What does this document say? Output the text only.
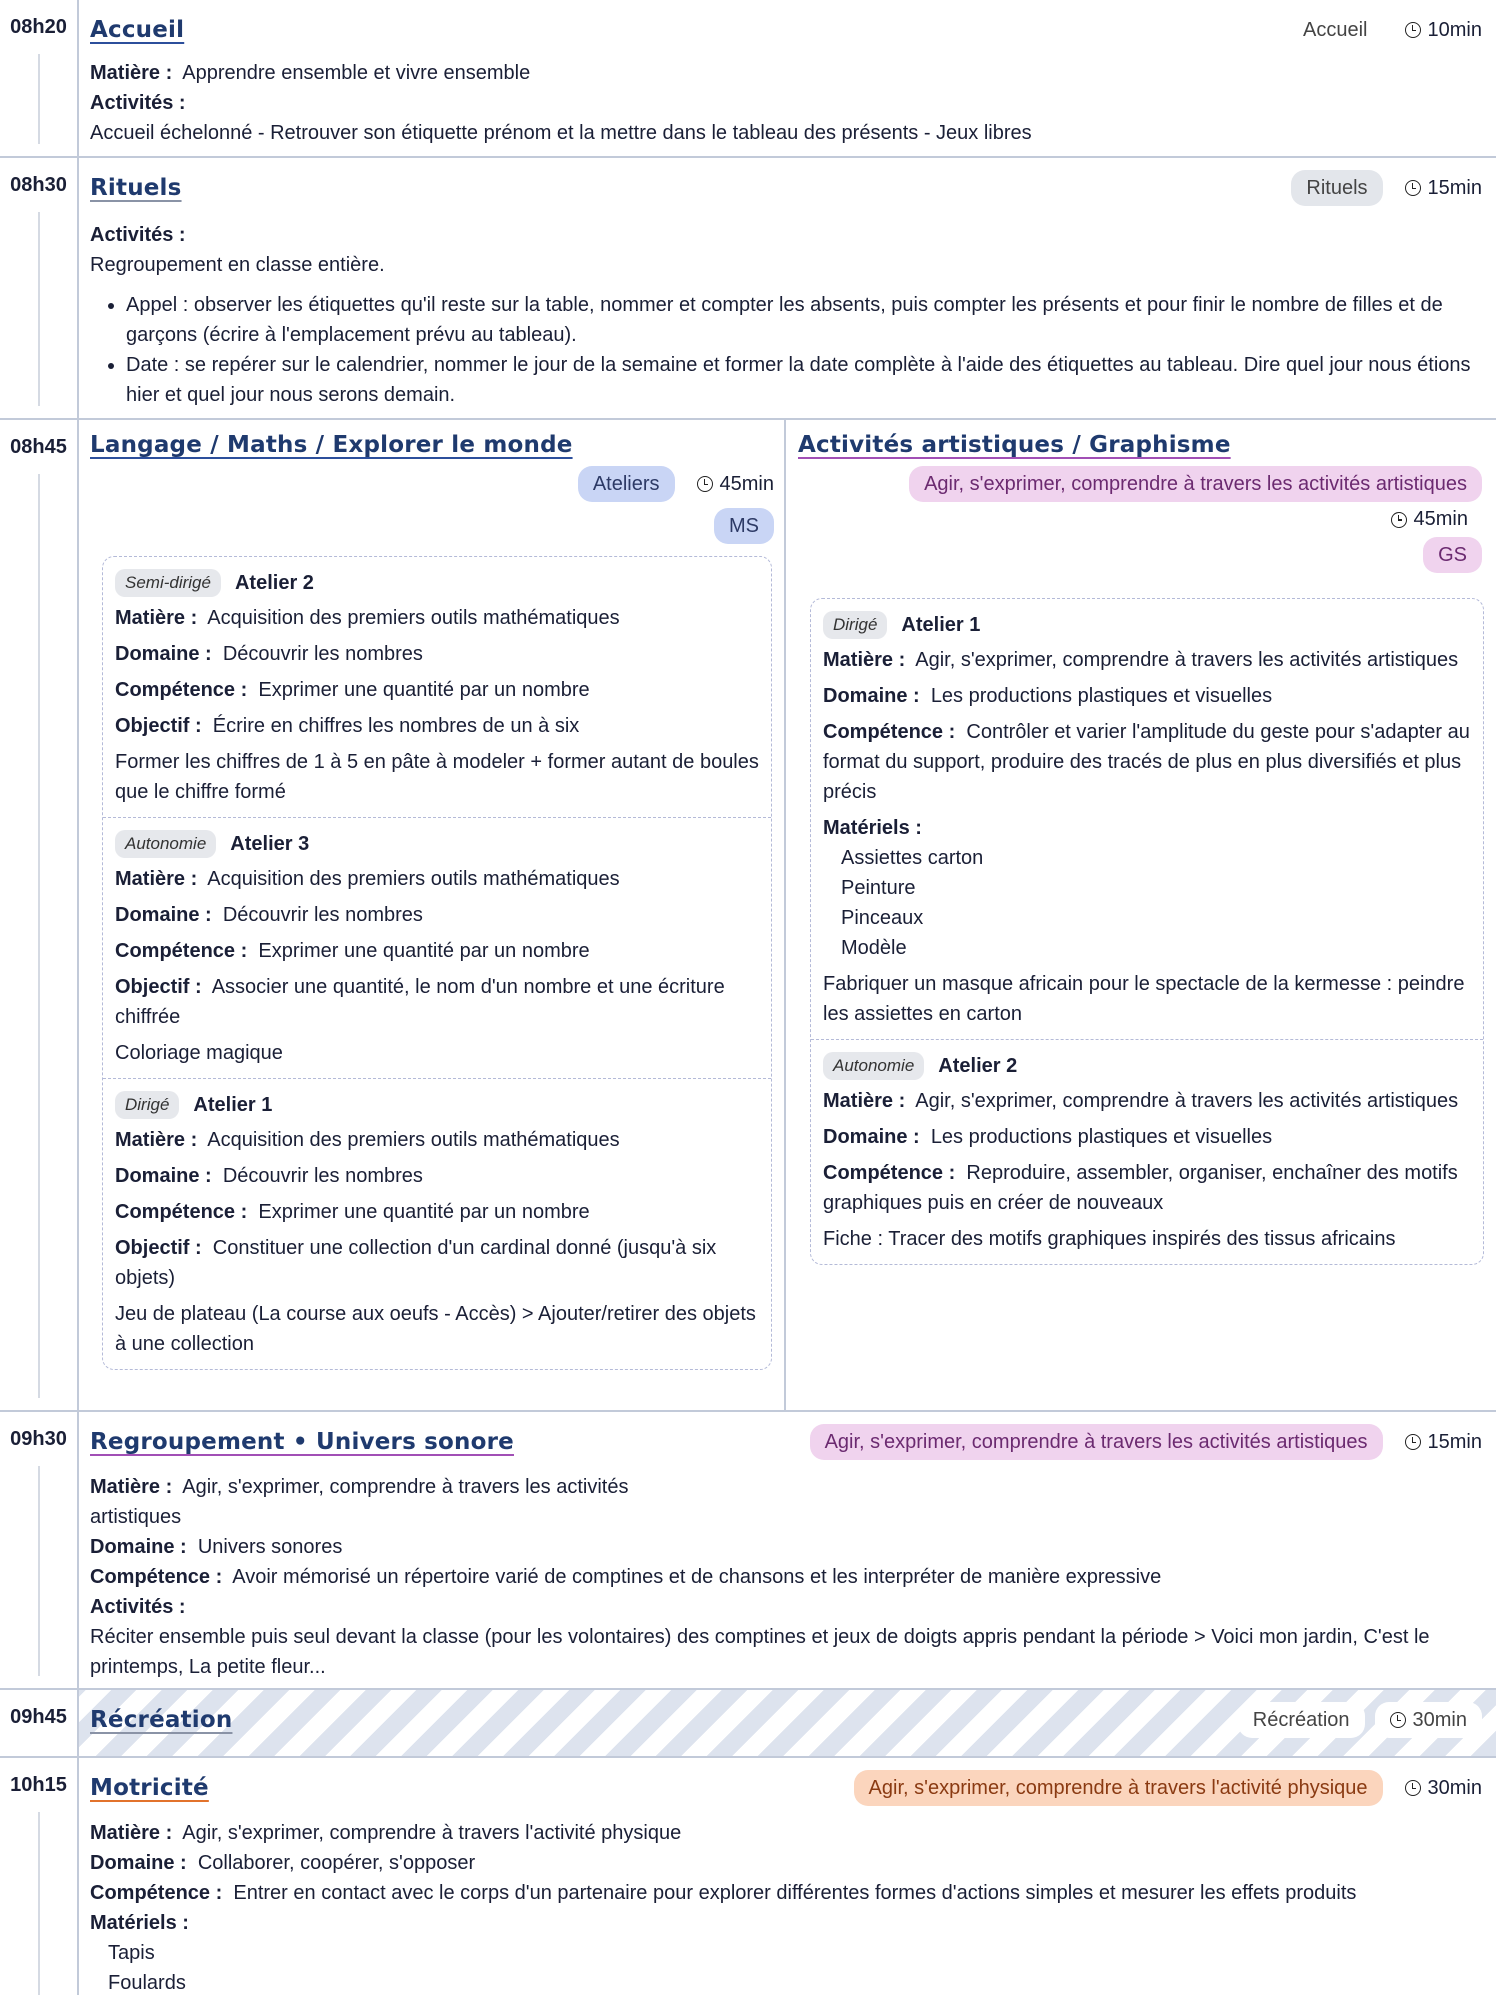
08h20	Accueil	Accueil	10min
Matière : Apprendre ensemble et vivre ensemble
Activités :
Accueil échelonné - Retrouver son étiquette prénom et la mettre dans le tableau des présents - Jeux libres
08h30	Rituels	Rituels	15min
Activités :
Regroupement en classe entière.
• Appel : observer les étiquettes qu'il reste sur la table, nommer et compter les absents, puis compter les présents et pour finir le nombre de filles et de garçons (écrire à l'emplacement prévu au tableau).
• Date : se repérer sur le calendrier, nommer le jour de la semaine et former la date complète à l'aide des étiquettes au tableau. Dire quel jour nous étions hier et quel jour nous serons demain.
08h45	Langage / Maths / Explorer le monde
Ateliers	45min
MS
Semi-dirigé	Atelier 2
Matière : Acquisition des premiers outils mathématiques
Domaine : Découvrir les nombres
Compétence : Exprimer une quantité par un nombre
Objectif : Écrire en chiffres les nombres de un à six
Former les chiffres de 1 à 5 en pâte à modeler + former autant de boules que le chiffre formé
Autonomie	Atelier 3
Matière : Acquisition des premiers outils mathématiques
Domaine : Découvrir les nombres
Compétence : Exprimer une quantité par un nombre
Objectif : Associer une quantité, le nom d'un nombre et une écriture chiffrée
Coloriage magique
Dirigé	Atelier 1
Matière : Acquisition des premiers outils mathématiques
Domaine : Découvrir les nombres
Compétence : Exprimer une quantité par un nombre
Objectif : Constituer une collection d'un cardinal donné (jusqu'à six objets)
Jeu de plateau (La course aux oeufs - Accès) > Ajouter/retirer des objets à une collection
Activités artistiques / Graphisme
Agir, s'exprimer, comprendre à travers les activités artistiques
45min
GS
Dirigé	Atelier 1
Matière : Agir, s'exprimer, comprendre à travers les activités artistiques
Domaine : Les productions plastiques et visuelles
Compétence : Contrôler et varier l'amplitude du geste pour s'adapter au format du support, produire des tracés de plus en plus diversifiés et plus précis
Matériels :
Assiettes carton
Peinture
Pinceaux
Modèle
Fabriquer un masque africain pour le spectacle de la kermesse : peindre les assiettes en carton
Autonomie	Atelier 2
Matière : Agir, s'exprimer, comprendre à travers les activités artistiques
Domaine : Les productions plastiques et visuelles
Compétence : Reproduire, assembler, organiser, enchaîner des motifs graphiques puis en créer de nouveaux
Fiche : Tracer des motifs graphiques inspirés des tissus africains
09h30	Regroupement • Univers sonore	Agir, s'exprimer, comprendre à travers les activités artistiques	15min
Matière : Agir, s'exprimer, comprendre à travers les activités
artistiques
Domaine : Univers sonores
Compétence : Avoir mémorisé un répertoire varié de comptines et de chansons et les interpréter de manière expressive
Activités :
Réciter ensemble puis seul devant la classe (pour les volontaires) des comptines et jeux de doigts appris pendant la période > Voici mon jardin, C'est le printemps, La petite fleur...
09h45	Récréation	Récréation	30min
10h15	Motricité	Agir, s'exprimer, comprendre à travers l'activité physique	30min
Matière : Agir, s'exprimer, comprendre à travers l'activité physique
Domaine : Collaborer, coopérer, s'opposer
Compétence : Entrer en contact avec le corps d'un partenaire pour explorer différentes formes d'actions simples et mesurer les effets produits
Matériels :
Tapis
Foulards
